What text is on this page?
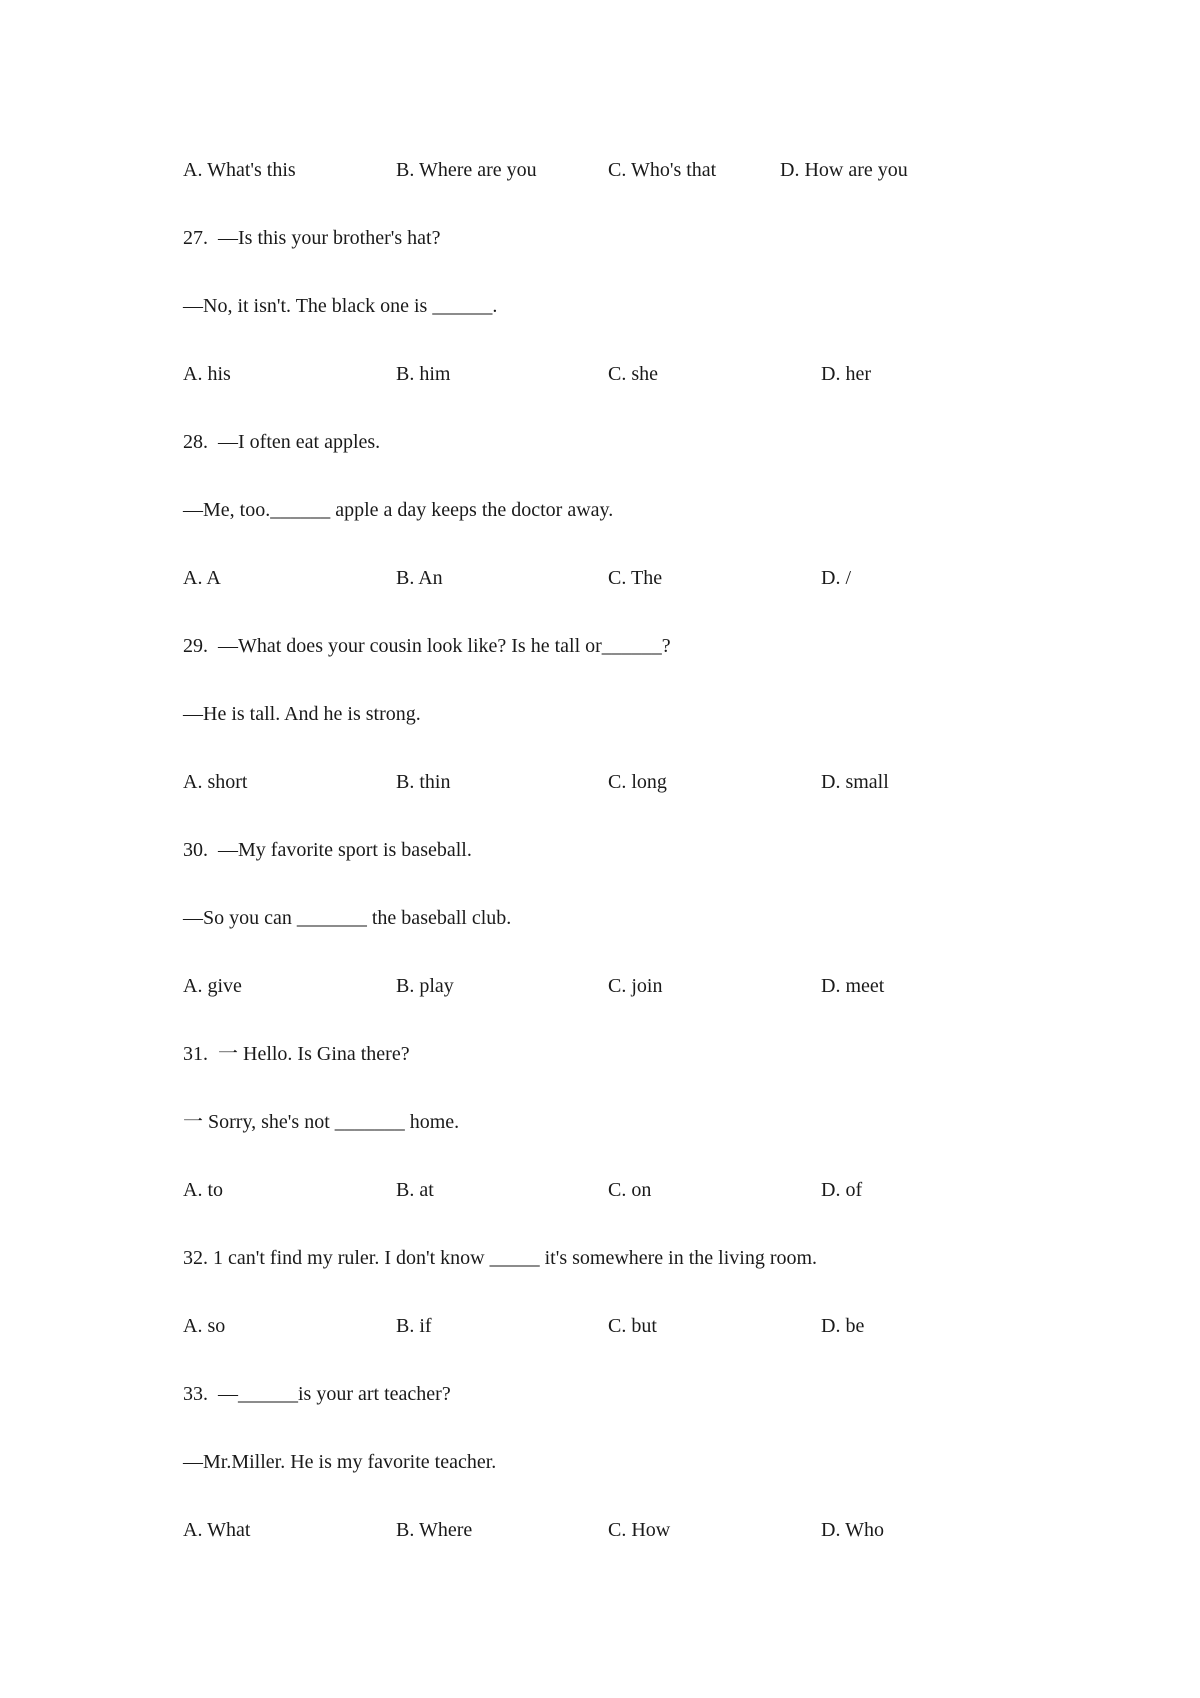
A. What's this	B. Where are you	C. Who's that	D. How are you
27.  —Is this your brother's hat?
—No, it isn't. The black one is ______.
A. his	B. him	C. she	D. her
28.  —I often eat apples.
—Me, too.______ apple a day keeps the doctor away.
A. A	B. An	C. The	D. /
29.  —What does your cousin look like? Is he tall or______?
—He is tall. And he is strong.
A. short	B. thin	C. long	D. small
30.  —My favorite sport is baseball.
—So you can _______ the baseball club.
A. give	B. play	C. join	D. meet
31.  一 Hello. Is Gina there?
一 Sorry, she's not _______ home.
A. to	B. at	C. on	D. of
32. 1 can't find my ruler. I don't know _____ it's somewhere in the living room.
A. so	B. if	C. but	D. be
33.  —______is your art teacher?
—Mr.Miller. He is my favorite teacher.
A. What	B. Where	C. How	D. Who
